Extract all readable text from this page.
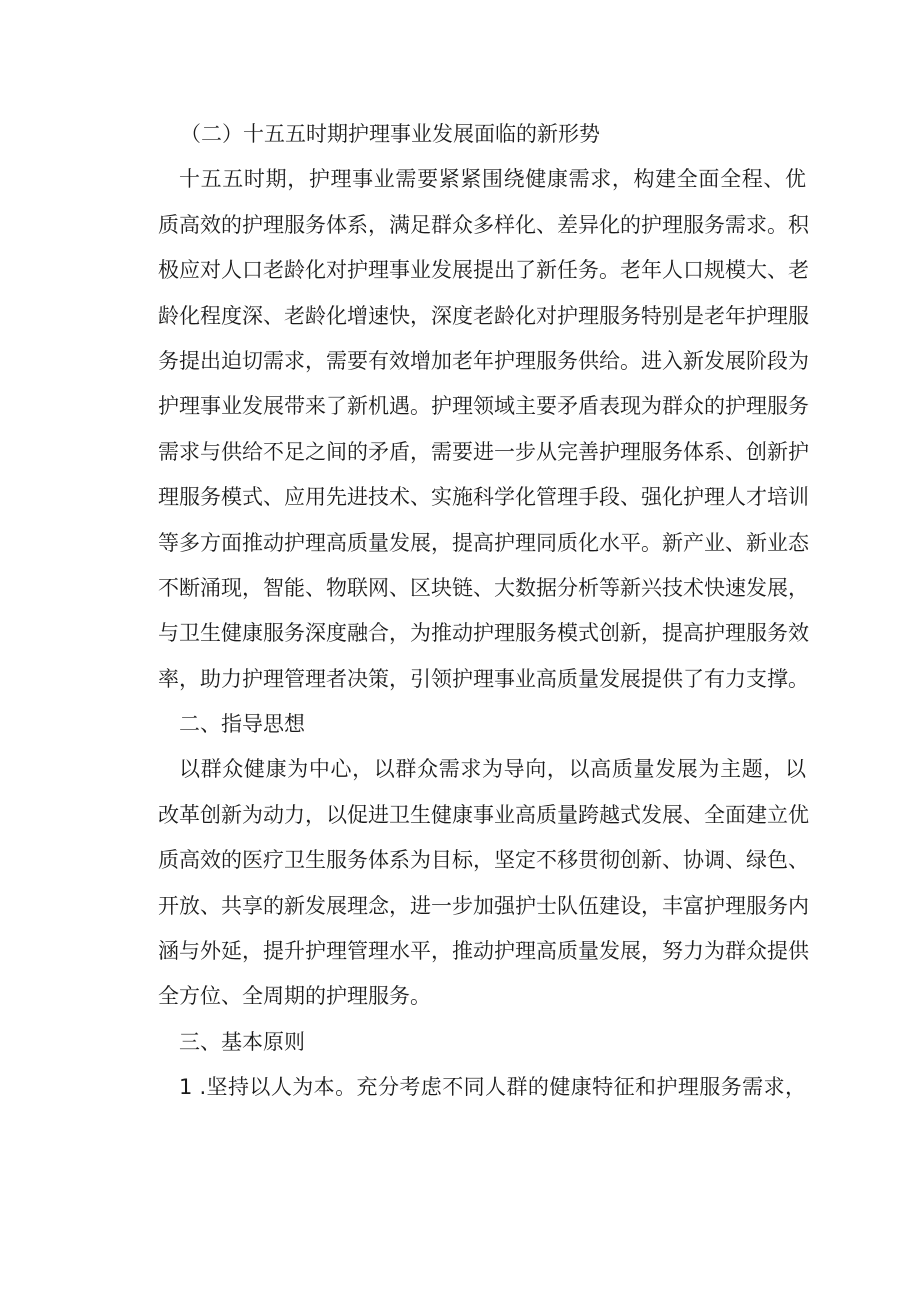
（二）十五五时期护理事业发展面临的新形势
十五五时期，护理事业需要紧紧围绕健康需求，构建全面全程、优
质高效的护理服务体系，满足群众多样化、差异化的护理服务需求。积
极应对人口老龄化对护理事业发展提出了新任务。老年人口规模大、老
龄化程度深、老龄化增速快，深度老龄化对护理服务特别是老年护理服
务提出迫切需求，需要有效增加老年护理服务供给。进入新发展阶段为
护理事业发展带来了新机遇。护理领域主要矛盾表现为群众的护理服务
需求与供给不足之间的矛盾，需要进一步从完善护理服务体系、创新护
理服务模式、应用先进技术、实施科学化管理手段、强化护理人才培训
等多方面推动护理高质量发展，提高护理同质化水平。新产业、新业态
不断涌现，智能、物联网、区块链、大数据分析等新兴技术快速发展，
与卫生健康服务深度融合，为推动护理服务模式创新，提高护理服务效
率，助力护理管理者决策，引领护理事业高质量发展提供了有力支撑。
二、指导思想
以群众健康为中心，以群众需求为导向，以高质量发展为主题，以
改革创新为动力，以促进卫生健康事业高质量跨越式发展、全面建立优
质高效的医疗卫生服务体系为目标，坚定不移贯彻创新、协调、绿色、
开放、共享的新发展理念，进一步加强护士队伍建设，丰富护理服务内
涵与外延，提升护理管理水平，推动护理高质量发展，努力为群众提供
全方位、全周期的护理服务。
三、基本原则
1 .坚持以人为本。充分考虑不同人群的健康特征和护理服务需求，
